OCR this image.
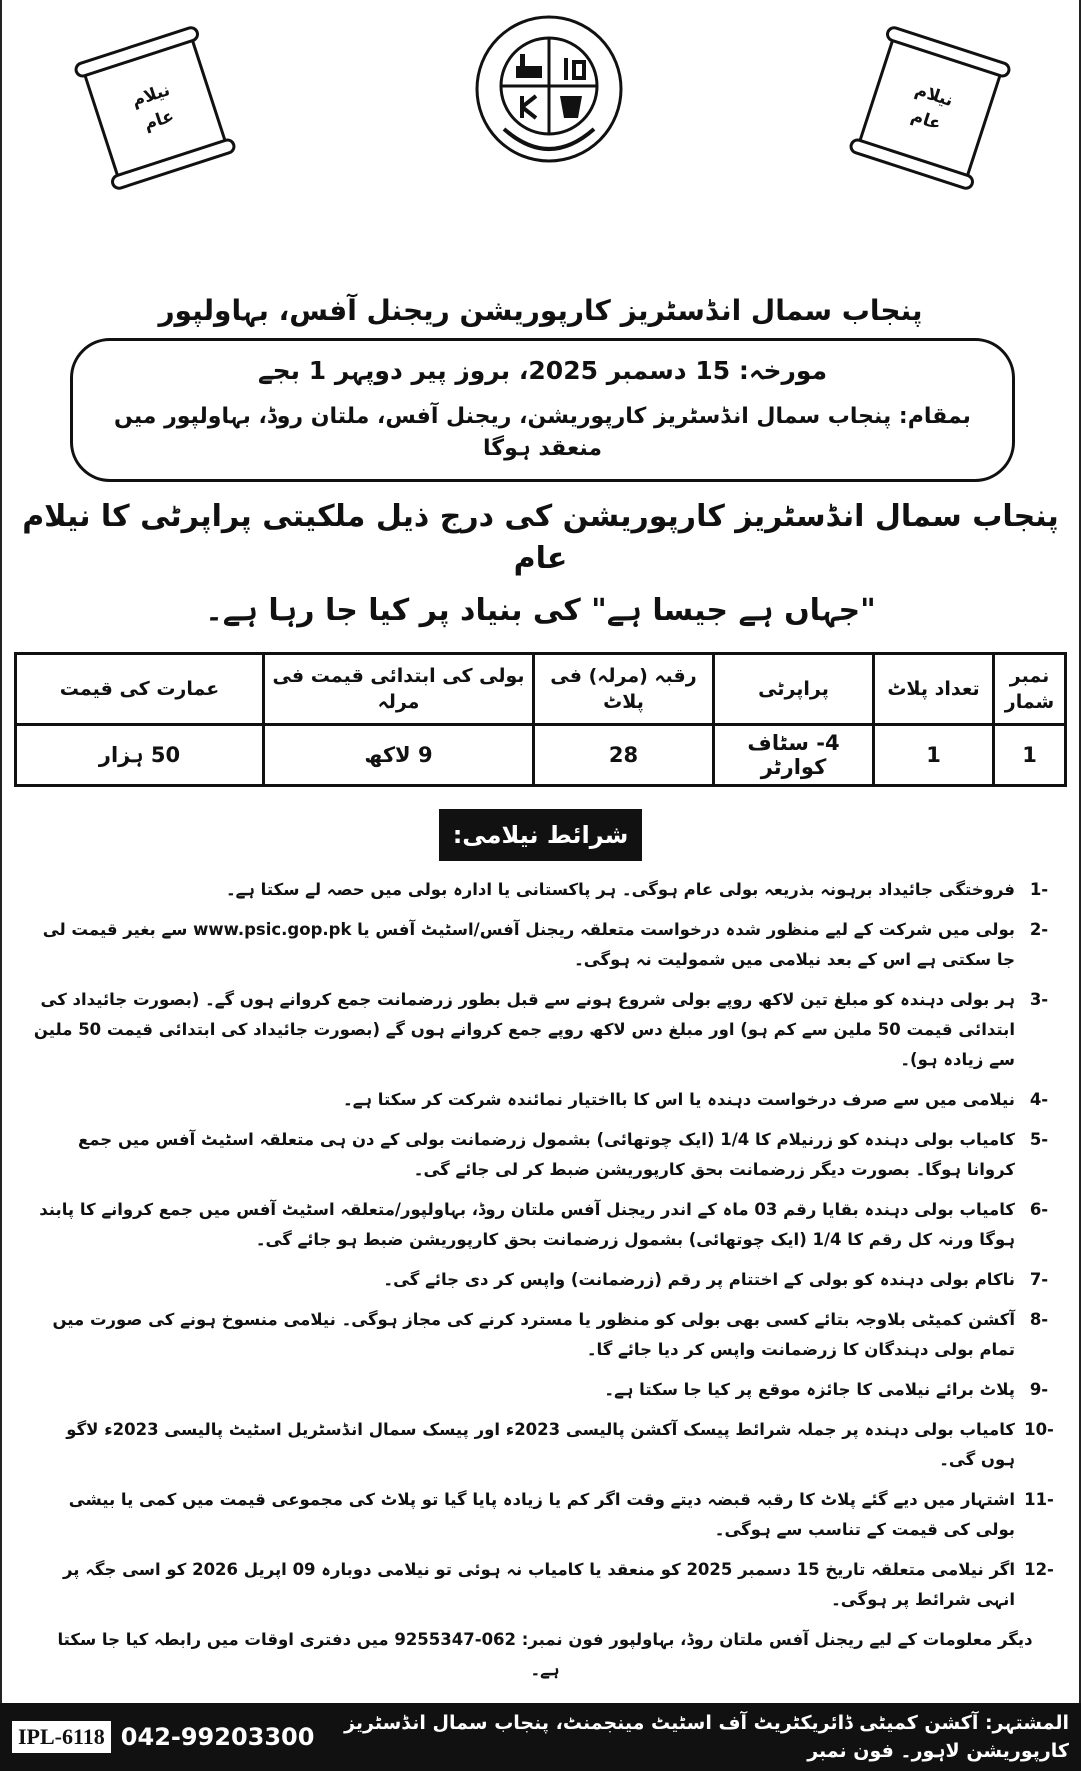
نیلام
عام
نیلام
عام
پنجاب سمال انڈسٹریز کارپوریشن ریجنل آفس، بہاولپور
مورخہ: 15 دسمبر 2025، بروز پیر دوپہر 1 بجے
بمقام: پنجاب سمال انڈسٹریز کارپوریشن، ریجنل آفس، ملتان روڈ، بہاولپور میں منعقد ہوگا
پنجاب سمال انڈسٹریز کارپوریشن کی درج ذیل ملکیتی پراپرٹی کا نیلام عام
"جہاں ہے جیسا ہے" کی بنیاد پر کیا جا رہا ہے۔
نمبر شمار	تعداد پلاٹ	پراپرٹی	رقبہ (مرلہ) فی پلاٹ	بولی کی ابتدائی قیمت فی مرلہ	عمارت کی قیمت
1	1	4- سٹاف کوارٹر	28	9 لاکھ	50 ہزار
شرائط نیلامی:
1-
فروختگی جائیداد برہونہ بذریعہ بولی عام ہوگی۔ ہر پاکستانی یا ادارہ بولی میں حصہ لے سکتا ہے۔
2-
بولی میں شرکت کے لیے منظور شدہ درخواست متعلقہ ریجنل آفس/اسٹیٹ آفس یا www.psic.gop.pk سے بغیر قیمت لی جا سکتی ہے اس کے بعد نیلامی میں شمولیت نہ ہوگی۔
3-
ہر بولی دہندہ کو مبلغ تین لاکھ روپے بولی شروع ہونے سے قبل بطور زرضمانت جمع کروانے ہوں گے۔ (بصورت جائیداد کی ابتدائی قیمت 50 ملین سے کم ہو) اور مبلغ دس لاکھ روپے جمع کروانے ہوں گے (بصورت جائیداد کی ابتدائی قیمت 50 ملین سے زیادہ ہو)۔
4-
نیلامی میں سے صرف درخواست دہندہ یا اس کا بااختیار نمائندہ شرکت کر سکتا ہے۔
5-
کامیاب بولی دہندہ کو زرنیلام کا 1/4 (ایک چوتھائی) بشمول زرضمانت بولی کے دن ہی متعلقہ اسٹیٹ آفس میں جمع کروانا ہوگا۔ بصورت دیگر زرضمانت بحق کارپوریشن ضبط کر لی جائے گی۔
6-
کامیاب بولی دہندہ بقایا رقم 03 ماہ کے اندر ریجنل آفس ملتان روڈ، بہاولپور/متعلقہ اسٹیٹ آفس میں جمع کروانے کا پابند ہوگا ورنہ کل رقم کا 1/4 (ایک چوتھائی) بشمول زرضمانت بحق کارپوریشن ضبط ہو جائے گی۔
7-
ناکام بولی دہندہ کو بولی کے اختتام پر رقم (زرضمانت) واپس کر دی جائے گی۔
8-
آکشن کمیٹی بلاوجہ بتائے کسی بھی بولی کو منظور یا مسترد کرنے کی مجاز ہوگی۔ نیلامی منسوخ ہونے کی صورت میں تمام بولی دہندگان کا زرضمانت واپس کر دیا جائے گا۔
9-
پلاٹ برائے نیلامی کا جائزہ موقع پر کیا جا سکتا ہے۔
10-
کامیاب بولی دہندہ پر جملہ شرائط پیسک آکشن پالیسی 2023ء اور پیسک سمال انڈسٹریل اسٹیٹ پالیسی 2023ء لاگو ہوں گی۔
11-
اشتہار میں دیے گئے پلاٹ کا رقبہ قبضہ دیتے وقت اگر کم یا زیادہ پایا گیا تو پلاٹ کی مجموعی قیمت میں کمی یا بیشی بولی کی قیمت کے تناسب سے ہوگی۔
12-
اگر نیلامی متعلقہ تاریخ 15 دسمبر 2025 کو منعقد یا کامیاب نہ ہوئی تو نیلامی دوبارہ 09 اپریل 2026 کو اسی جگہ پر انہی شرائط پر ہوگی۔
دیگر معلومات کے لیے ریجنل آفس ملتان روڈ، بہاولپور فون نمبر: 062-9255347 میں دفتری اوقات میں رابطہ کیا جا سکتا ہے۔
المشتہر: آکشن کمیٹی ڈائریکٹریٹ آف اسٹیٹ مینجمنٹ، پنجاب سمال انڈسٹریز کارپوریشن لاہور۔ فون نمبر
042-99203300
IPL-6118
